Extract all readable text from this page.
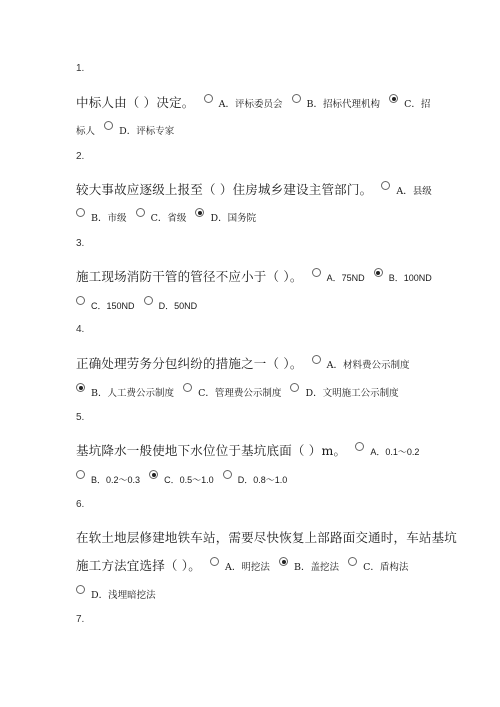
1.
中标人由（ ）决定。	A．评标委员会	B．招标代理机构	C．招
标人	D．评标专家
2.
较大事故应逐级上报至（ ）住房城乡建设主管部门。	A．县级
B．市级	C．省级	D．国务院
3.
施工现场消防干管的管径不应小于（ ）。	A．75ND	B．100ND
C．150ND	D．50ND
4.
正确处理劳务分包纠纷的措施之一（ ）。	A．材料费公示制度
B．人工费公示制度	C．管理费公示制度	D．文明施工公示制度
5.
基坑降水一般使地下水位位于基坑底面（ ）m。	A．0.1～0.2
B．0.2～0.3	C．0.5～1.0	D．0.8～1.0
6.
在软土地层修建地铁车站，需要尽快恢复上部路面交通时，车站基坑
施工方法宜选择（ ）。	A．明挖法	B．盖挖法	C．盾构法
D．浅埋暗挖法
7.
